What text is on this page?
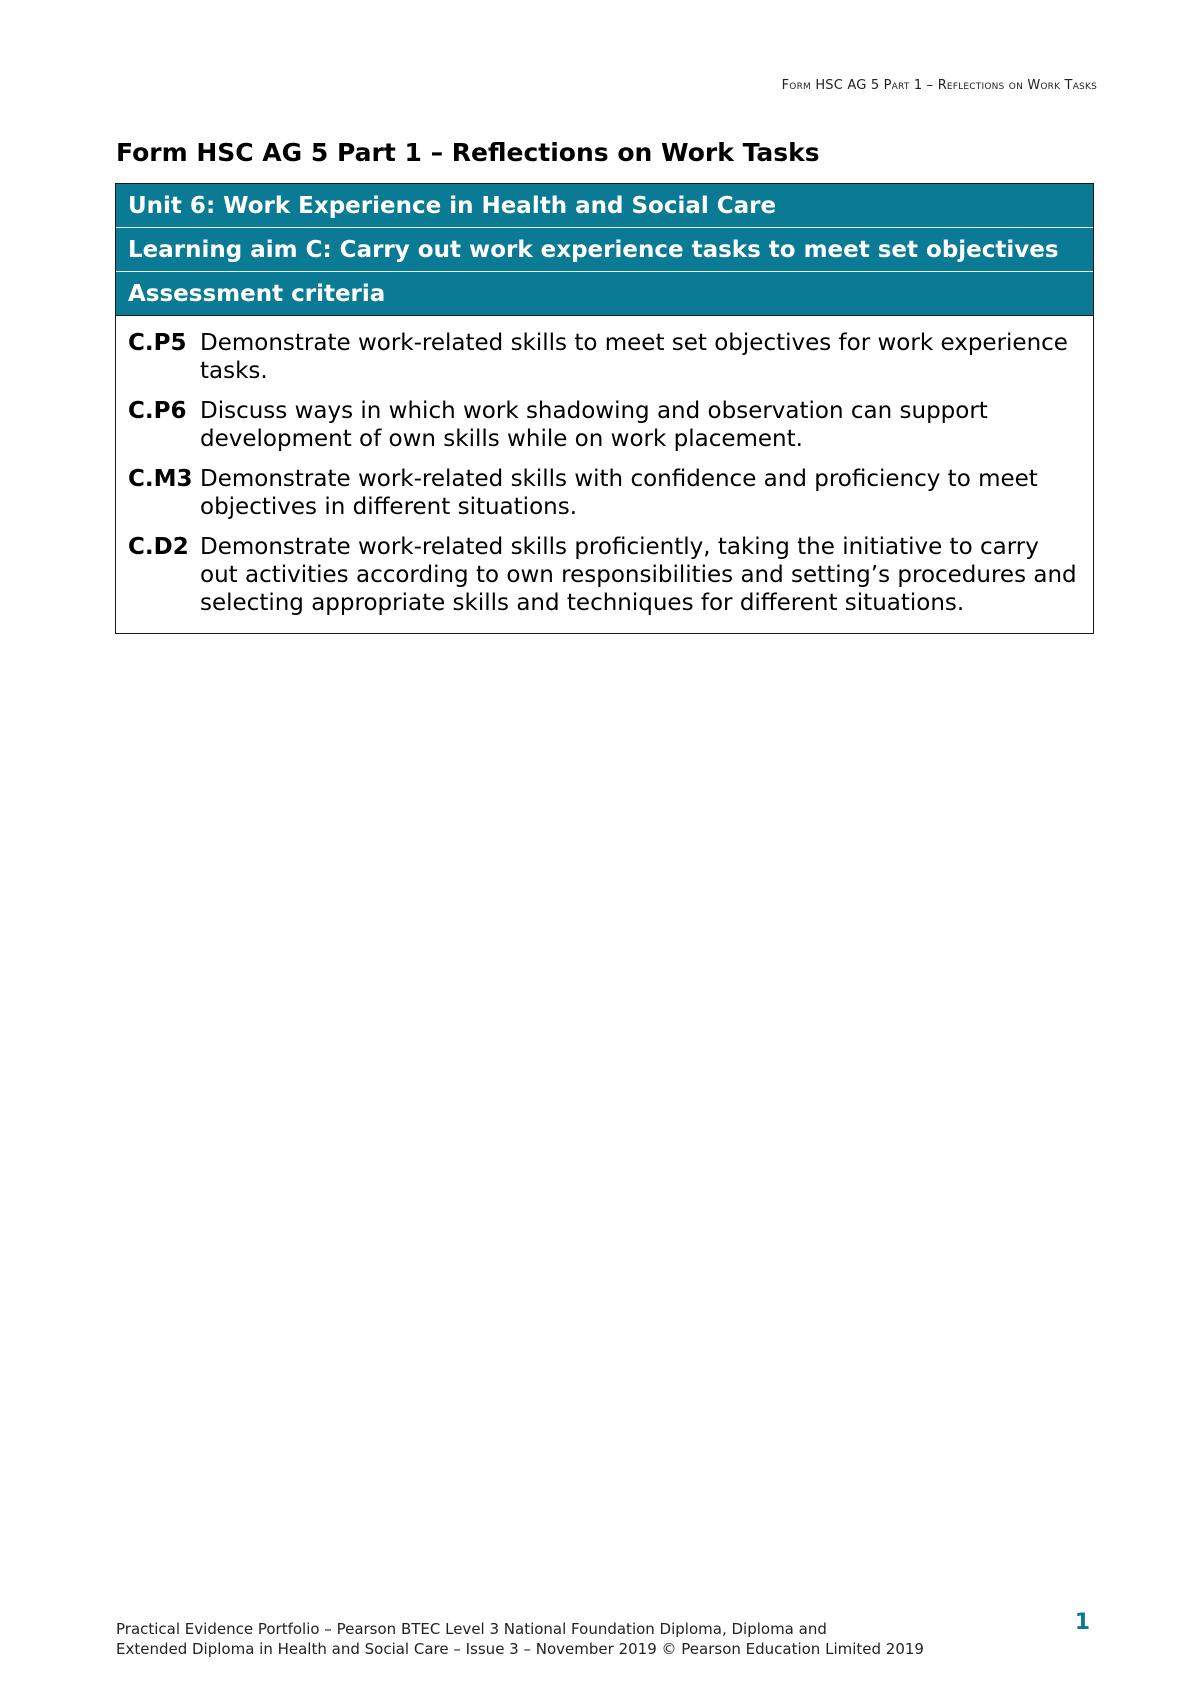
Form HSC AG 5 Part 1 – Reflections on Work Tasks
Form HSC AG 5 Part 1 – Reflections on Work Tasks
Unit 6: Work Experience in Health and Social Care
Learning aim C: Carry out work experience tasks to meet set objectives
Assessment criteria
C.P5 Demonstrate work-related skills to meet set objectives for work experience tasks.
C.P6 Discuss ways in which work shadowing and observation can support development of own skills while on work placement.
C.M3 Demonstrate work-related skills with confidence and proficiency to meet objectives in different situations.
C.D2 Demonstrate work-related skills proficiently, taking the initiative to carry out activities according to own responsibilities and setting’s procedures and selecting appropriate skills and techniques for different situations.
Practical Evidence Portfolio – Pearson BTEC Level 3 National Foundation Diploma, Diploma and
Extended Diploma in Health and Social Care – Issue 3 – November 2019 © Pearson Education Limited 2019
1
